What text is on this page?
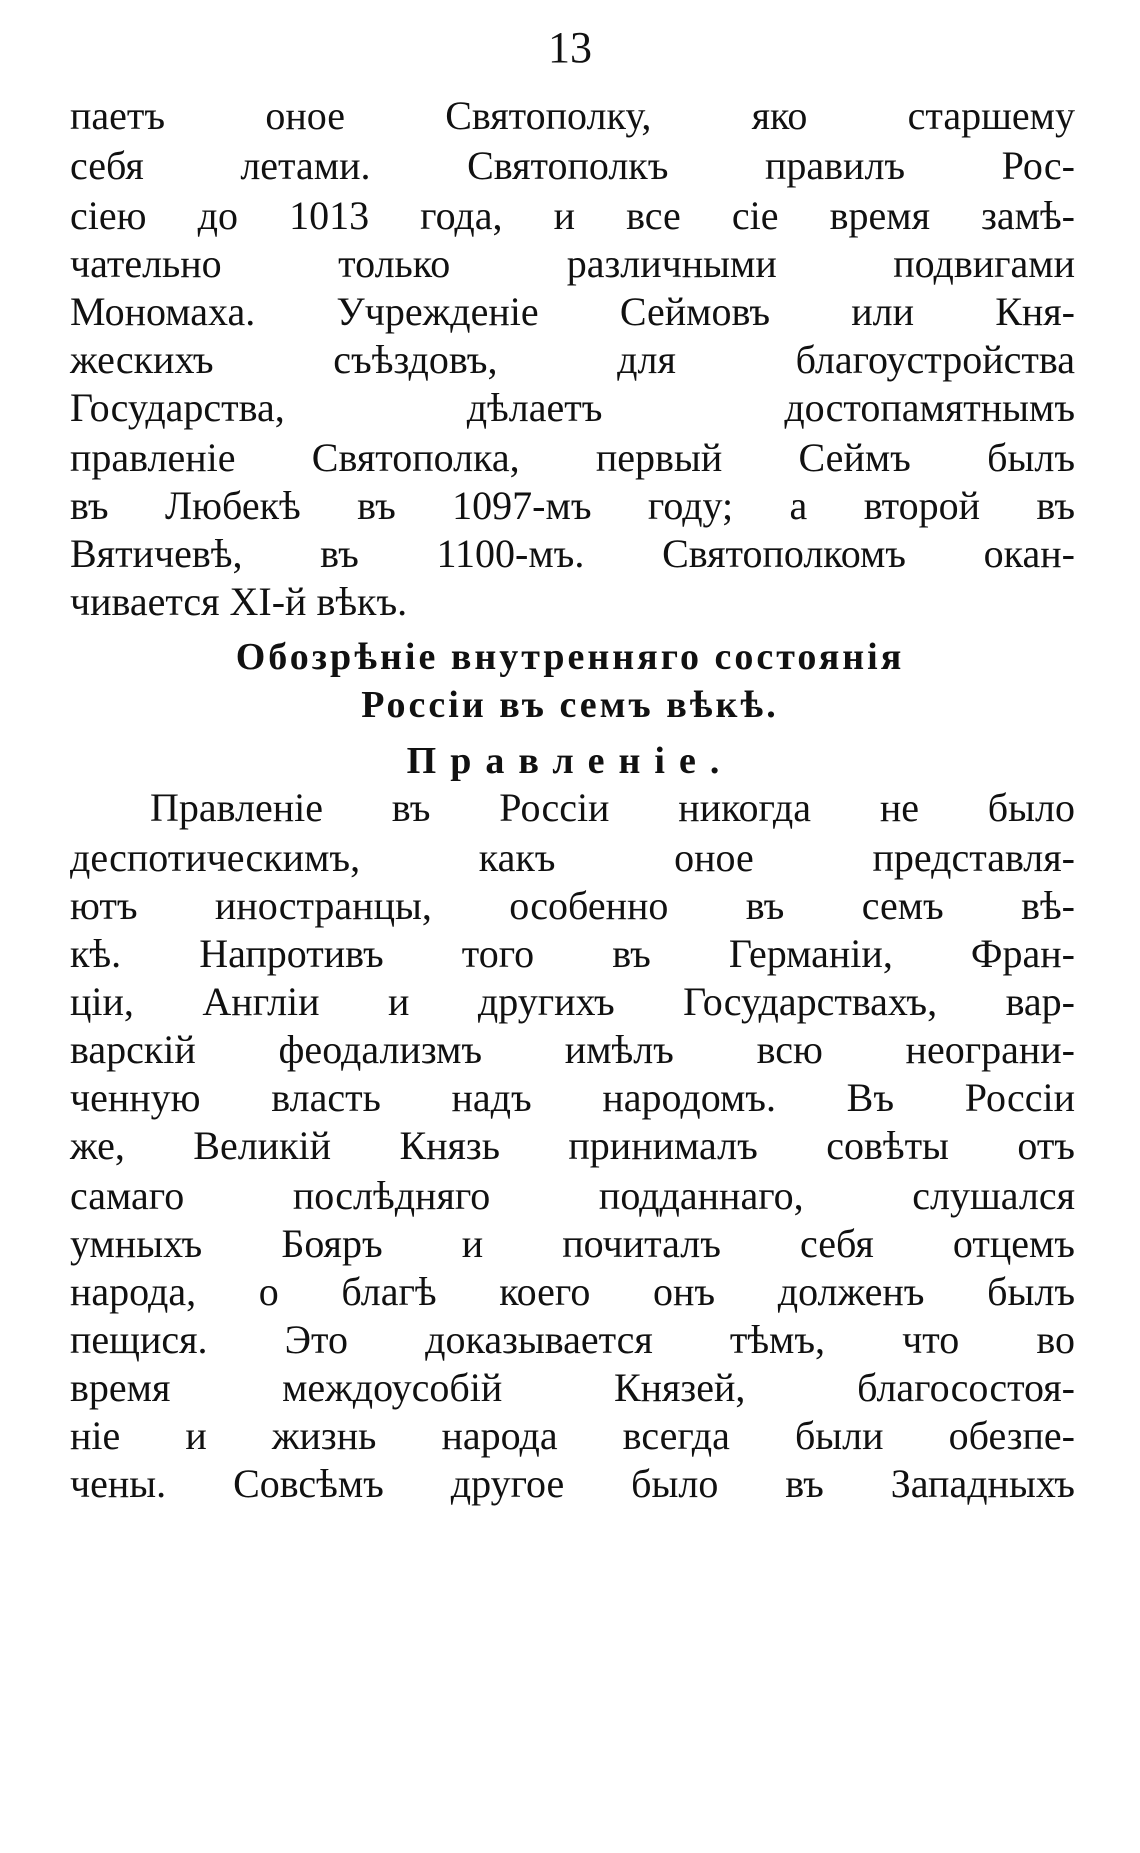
13
паетъ оное Святополку, яко старшему
себя летами. Святополкъ правилъ Рос-
сiею до 1013 года, и все сiе время замѣ-
чательно только различными подвигами
Мономаха. Учрежденiе Сеймовъ или Кня-
жескихъ съѣздовъ, для благоустройства
Государства, дѣлаетъ достопамятнымъ
правленiе Святополка, первый Сеймъ былъ
въ Любекѣ въ 1097-мъ году; а второй въ
Вятичевѣ, въ 1100-мъ. Святополкомъ окан-
чивается XI-й вѣкъ.
Обозрѣнiе внутренняго состоянiя
Россiи въ семъ вѣкѣ.
Правленiе.
Правленiе въ Россiи никогда не было
деспотическимъ, какъ оное представля-
ютъ иностранцы, особенно въ семъ вѣ-
кѣ. Напротивъ того въ Германiи, Фран-
цiи, Англiи и другихъ Государствахъ, вар-
варскiй феодализмъ имѣлъ всю неограни-
ченную власть надъ народомъ. Въ Россiи
же, Великiй Князь принималъ совѣты отъ
самаго послѣдняго подданнаго, слушался
умныхъ Бояръ и почиталъ себя отцемъ
народа, о благѣ коего онъ долженъ былъ
пещися. Это доказывается тѣмъ, что во
время междоусобiй Князей, благосостоя-
нiе и жизнь народа всегда были обезпе-
чены. Совсѣмъ другое было въ Западныхъ
